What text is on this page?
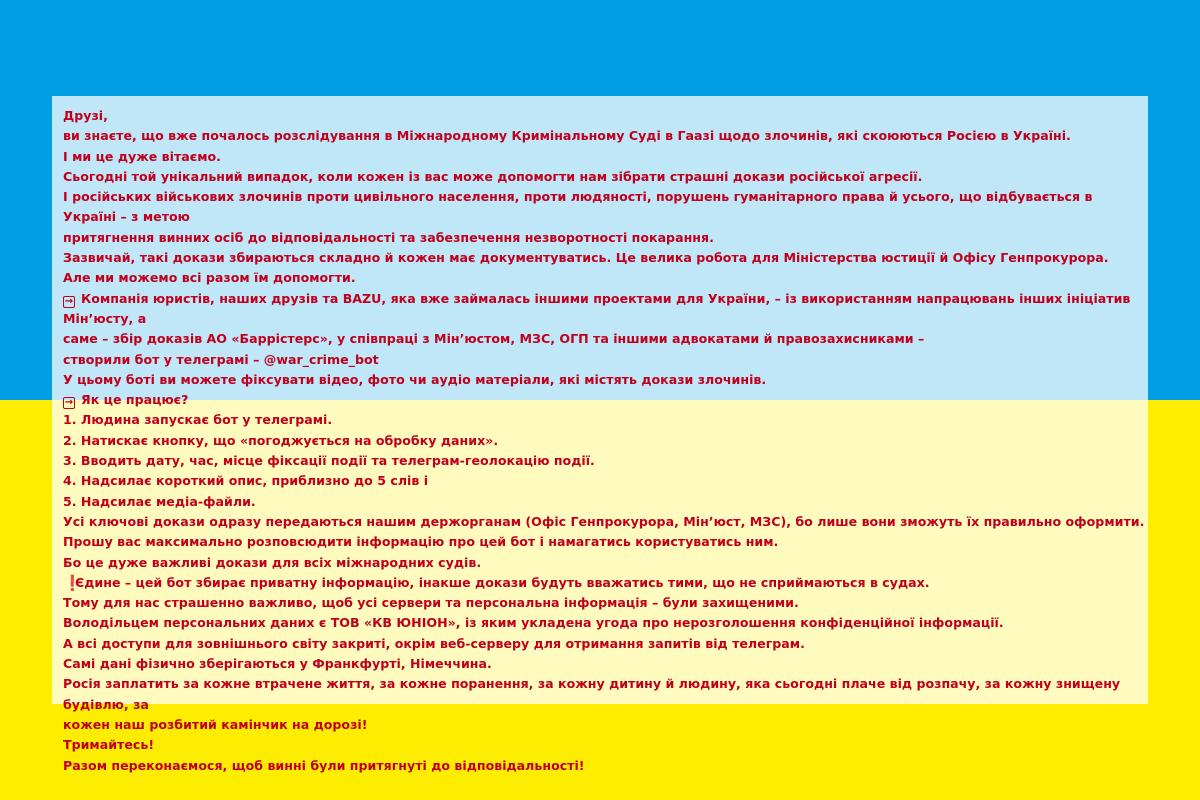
Друзі,
ви знаєте, що вже почалось розслідування в Міжнародному Кримінальному Суді в Гаазі щодо злочинів, які скоюються Росією в Україні.
І ми це дуже вітаємо.
Сьогодні той унікальний випадок, коли кожен із вас може допомогти нам зібрати страшні докази російської агресії.
І російських військових злочинів проти цивільного населення, проти людяності, порушень гуманітарного права й усього, що відбувається в Україні – з метою
притягнення винних осіб до відповідальності та забезпечення незворотності покарання.
Зазвичай, такі докази збираються складно й кожен має документуватись. Це велика робота для Міністерства юстиції й Офісу Генпрокурора.
Але ми можемо всі разом їм допомогти.
→ Компанія юристів, наших друзів та BAZU, яка вже займалась іншими проектами для України, – із використанням напрацювань інших ініціатив Мін’юсту, а
саме – збір доказів АО «Баррістерс», у співпраці з Мін’юстом, МЗС, ОГП та іншими адвокатами й правозахисниками –
створили бот у телеграмі – @war_crime_bot
У цьому боті ви можете фіксувати відео, фото чи аудіо матеріали, які містять докази злочинів.
→ Як це працює?
1. Людина запускає бот у телеграмі.
2. Натискає кнопку, що «погоджується на обробку даних».
3. Вводить дату, час, місце фіксації події та телеграм-геолокацію події.
4. Надсилає короткий опис, приблизно до 5 слів і
5. Надсилає медіа-файли.
Усі ключові докази одразу передаються нашим держорганам (Офіс Генпрокурора, Мін’юст, МЗС), бо лише вони зможуть їх правильно оформити.
Прошу вас максимально розповсюдити інформацію про цей бот і намагатись користуватись ним.
Бо це дуже важливі докази для всіх міжнародних судів.
❗Єдине – цей бот збирає приватну інформацію, інакше докази будуть вважатись тими, що не сприймаються в судах.
Тому для нас страшенно важливо, щоб усі сервери та персональна інформація – були захищеними.
Володільцем персональних даних є ТОВ «КВ ЮНІОН», із яким укладена угода про нерозголошення конфіденційної інформації.
А всі доступи для зовнішнього світу закриті, окрім веб-серверу для отримання запитів від телеграм.
Самі дані фізично зберігаються у Франкфурті, Німеччина.
Росія заплатить за кожне втрачене життя, за кожне поранення, за кожну дитину й людину, яка сьогодні плаче від розпачу, за кожну знищену будівлю, за
кожен наш розбитий камінчик на дорозі!
Тримайтесь!
Разом переконаємося, щоб винні були притягнуті до відповідальності!
